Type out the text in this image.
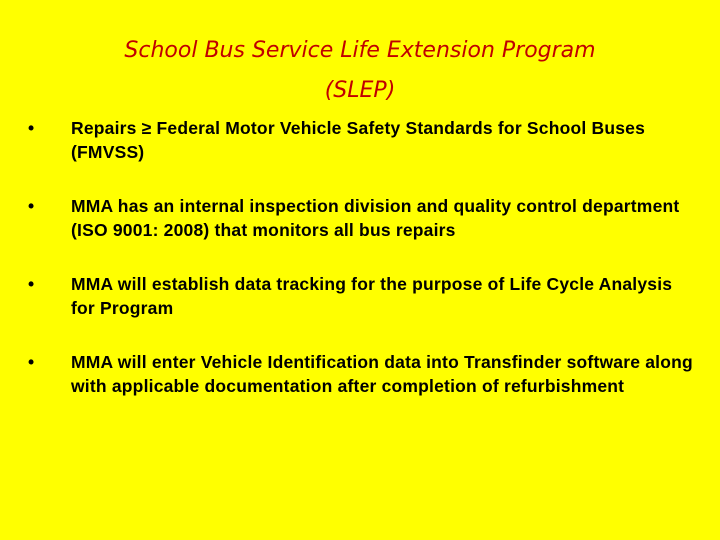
School Bus Service Life Extension Program
(SLEP)
• Repairs ≥ Federal Motor Vehicle Safety Standards for School Buses (FMVSS)
• MMA has an internal inspection division and quality control department (ISO 9001: 2008) that monitors all bus repairs
• MMA will establish data tracking for the purpose of Life Cycle Analysis for Program
• MMA will enter Vehicle Identification data into Transfinder software along with applicable documentation after completion of refurbishment
